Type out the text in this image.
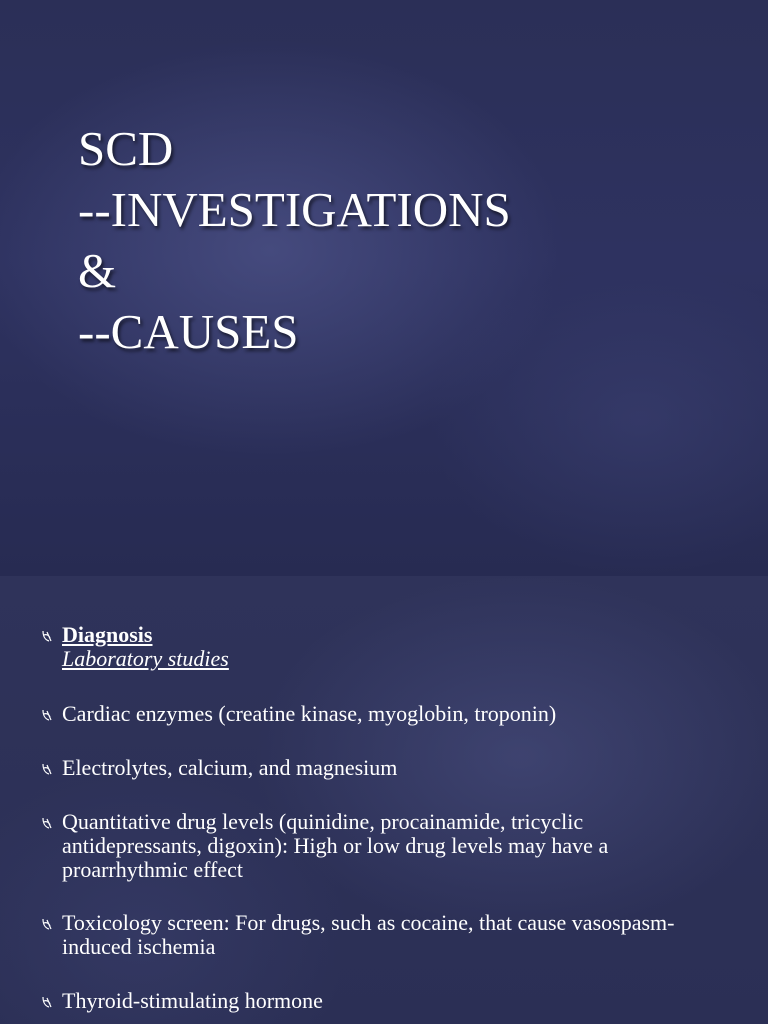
SCD
--INVESTIGATIONS
&
--CAUSES
Diagnosis
Laboratory studies
Cardiac enzymes (creatine kinase, myoglobin, troponin)
Electrolytes, calcium, and magnesium
Quantitative drug levels (quinidine, procainamide, tricyclic antidepressants, digoxin): High or low drug levels may have a proarrhythmic effect
Toxicology screen: For drugs, such as cocaine, that cause vasospasm-induced ischemia
Thyroid-stimulating hormone
